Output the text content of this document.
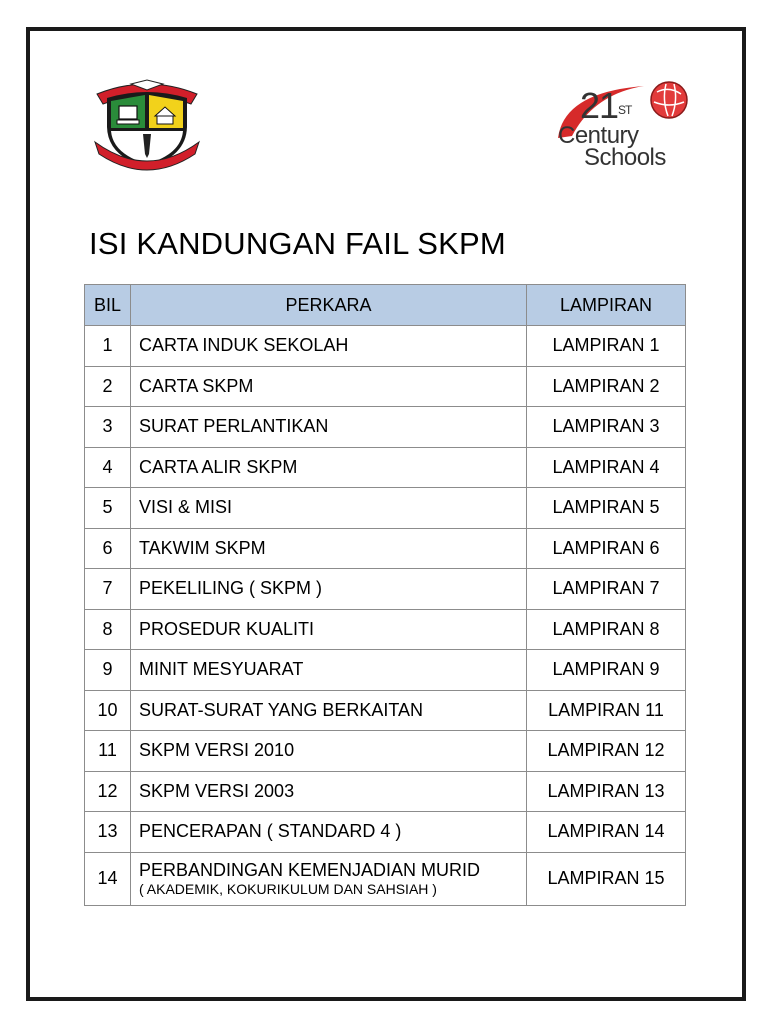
21ST
Century
Schools
ISI KANDUNGAN FAIL SKPM
BIL	PERKARA	LAMPIRAN
1	CARTA INDUK SEKOLAH	LAMPIRAN 1
2	CARTA SKPM	LAMPIRAN 2
3	SURAT PERLANTIKAN	LAMPIRAN 3
4	CARTA ALIR SKPM	LAMPIRAN 4
5	VISI & MISI	LAMPIRAN 5
6	TAKWIM SKPM	LAMPIRAN 6
7	PEKELILING ( SKPM )	LAMPIRAN 7
8	PROSEDUR KUALITI	LAMPIRAN 8
9	MINIT MESYUARAT	LAMPIRAN 9
10	SURAT-SURAT YANG BERKAITAN	LAMPIRAN 11
11	SKPM VERSI 2010	LAMPIRAN 12
12	SKPM VERSI 2003	LAMPIRAN 13
13	PENCERAPAN ( STANDARD 4 )	LAMPIRAN 14
14	PERBANDINGAN KEMENJADIAN MURID
( AKADEMIK, KOKURIKULUM DAN SAHSIAH )	LAMPIRAN 15
